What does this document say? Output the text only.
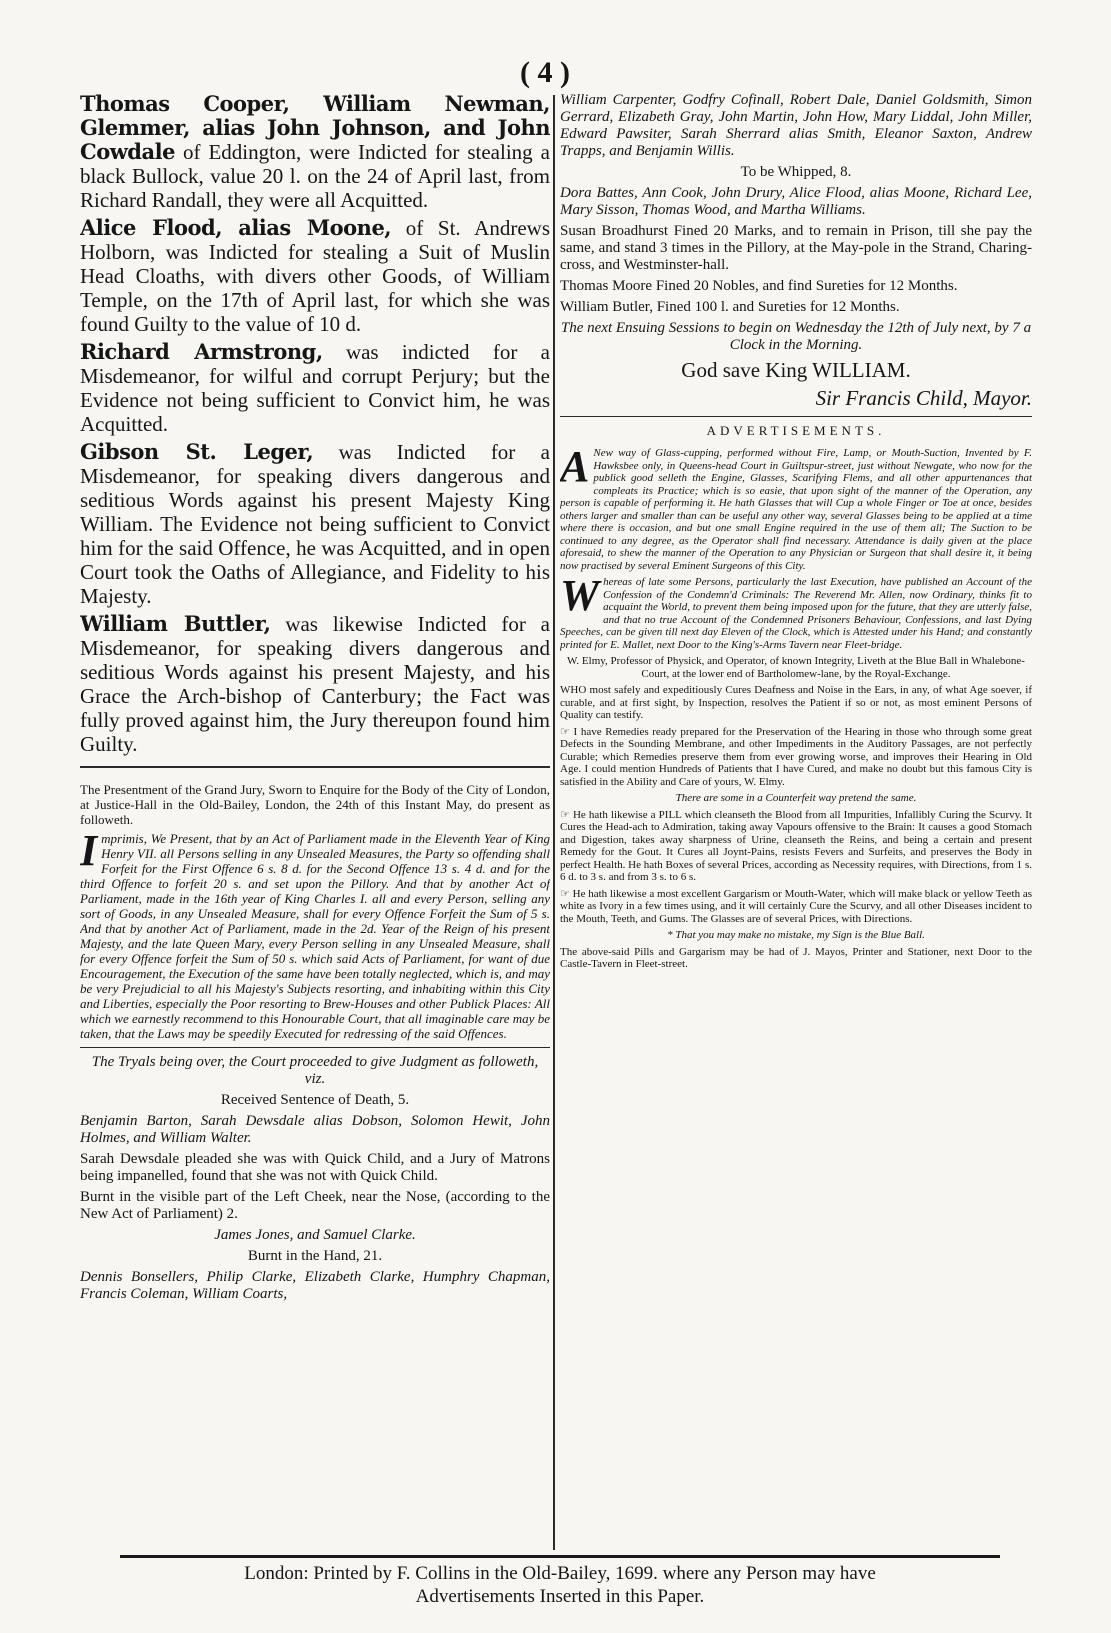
( 4 )

Thomas Cooper, William Newman, Glemmer, alias John Johnson, and John Cowdale of Eddington, were Indicted for stealing a black Bullock, value 20 l. on the 24 of April last, from Richard Randall, they were all Acquitted.

Alice Flood, alias Moone, of St. Andrews Holborn, was Indicted for stealing a Suit of Muslin Head Cloaths, with divers other Goods, of William Temple, on the 17th of April last, for which she was found Guilty to the value of 10 d.

Richard Armstrong, was indicted for a Misdemeanor, for wilful and corrupt Perjury; but the Evidence not being sufficient to Convict him, he was Acquitted.

Gibson St. Leger, was Indicted for a Misdemeanor, for speaking divers dangerous and seditious Words against his present Majesty King William. The Evidence not being sufficient to Convict him for the said Offence, he was Acquitted, and in open Court took the Oaths of Allegiance, and Fidelity to his Majesty.

William Buttler, was likewise Indicted for a Misdemeanor, for speaking divers dangerous and seditious Words against his present Majesty, and his Grace the Arch-bishop of Canterbury; the Fact was fully proved against him, the Jury thereupon found him Guilty.

The Presentment of the Grand Jury, Sworn to Enquire for the Body of the City of London, at Justice-Hall in the Old-Bailey, London, the 24th of this Instant May, do present as followeth.

Imprimis, We Present, that by an Act of Parliament made in the Eleventh Year of King Henry VII. all Persons selling in any Unsealed Measures, the Party so offending shall Forfeit for the First Offence 6 s. 8 d. for the Second Offence 13 s. 4 d. and for the third Offence to forfeit 20 s. and set upon the Pillory. And that by another Act of Parliament, made in the 16th year of King Charles I. all and every Person, selling any sort of Goods, in any Unsealed Measure, shall for every Offence Forfeit the Sum of 5 s. And that by another Act of Parliament, made in the 2d. Year of the Reign of his present Majesty, and the late Queen Mary, every Person selling in any Unsealed Measure, shall for every Offence forfeit the Sum of 50 s. which said Acts of Parliament, for want of due Encouragement, the Execution of the same have been totally neglected, which is, and may be very Prejudicial to all his Majesty's Subjects resorting, and inhabiting within this City and Liberties, especially the Poor resorting to Brew-Houses and other Publick Places: All which we earnestly recommend to this Honourable Court, that all imaginable care may be taken, that the Laws may be speedily Executed for redressing of the said Offences.

The Tryals being over, the Court proceeded to give Judgment as followeth, viz.

Received Sentence of Death, 5.

Benjamin Barton, Sarah Dewsdale alias Dobson, Solomon Hewit, John Holmes, and William Walter.

Sarah Dewsdale pleaded she was with Quick Child, and a Jury of Matrons being impanelled, found that she was not with Quick Child.

Burnt in the visible part of the Left Cheek, near the Nose, (according to the New Act of Parliament) 2.

James Jones, and Samuel Clarke.

Burnt in the Hand, 21.

Dennis Bonsellers, Philip Clarke, Elizabeth Clarke, Humphry Chapman, Francis Coleman, William Coarts,

William Carpenter, Godfry Cofinall, Robert Dale, Daniel Goldsmith, Simon Gerrard, Elizabeth Gray, John Martin, John How, Mary Liddal, John Miller, Edward Pawsiter, Sarah Sherrard alias Smith, Eleanor Saxton, Andrew Trapps, and Benjamin Willis.

To be Whipped, 8.

Dora Battes, Ann Cook, John Drury, Alice Flood, alias Moone, Richard Lee, Mary Sisson, Thomas Wood, and Martha Williams.

Susan Broadhurst Fined 20 Marks, and to remain in Prison, till she pay the same, and stand 3 times in the Pillory, at the May-pole in the Strand, Charing-cross, and Westminster-hall.

Thomas Moore Fined 20 Nobles, and find Sureties for 12 Months.

William Butler, Fined 100 l. and Sureties for 12 Months.

The next Ensuing Sessions to begin on Wednesday the 12th of July next, by 7 a Clock in the Morning.

God save King WILLIAM.

Sir Francis Child, Mayor.

ADVERTISEMENTS.

ANew way of Glass-cupping, performed without Fire, Lamp, or Mouth-Suction, Invented by F. Hawksbee only, in Queens-head Court in Guiltspur-street, just without Newgate, who now for the publick good selleth the Engine, Glasses, Scarifying Flems, and all other appurtenances that compleats its Practice; which is so easie, that upon sight of the manner of the Operation, any person is capable of performing it. He hath Glasses that will Cup a whole Finger or Toe at once, besides others larger and smaller than can be useful any other way, several Glasses being to be applied at a time where there is occasion, and but one small Engine required in the use of them all; The Suction to be continued to any degree, as the Operator shall find necessary. Attendance is daily given at the place aforesaid, to shew the manner of the Operation to any Physician or Surgeon that shall desire it, it being now practised by several Eminent Surgeons of this City.

Whereas of late some Persons, particularly the last Execution, have published an Account of the Confession of the Condemn'd Criminals: The Reverend Mr. Allen, now Ordinary, thinks fit to acquaint the World, to prevent them being imposed upon for the future, that they are utterly false, and that no true Account of the Condemned Prisoners Behaviour, Confessions, and last Dying Speeches, can be given till next day Eleven of the Clock, which is Attested under his Hand; and constantly printed for E. Mallet, next Door to the King's-Arms Tavern near Fleet-bridge.

W. Elmy, Professor of Physick, and Operator, of known Integrity, Liveth at the Blue Ball in Whalebone-Court, at the lower end of Bartholomew-lane, by the Royal-Exchange.

WHO most safely and expeditiously Cures Deafness and Noise in the Ears, in any, of what Age soever, if curable, and at first sight, by Inspection, resolves the Patient if so or not, as most eminent Persons of Quality can testify.

☞ I have Remedies ready prepared for the Preservation of the Hearing in those who through some great Defects in the Sounding Membrane, and other Impediments in the Auditory Passages, are not perfectly Curable; which Remedies preserve them from ever growing worse, and improves their Hearing in Old Age. I could mention Hundreds of Patients that I have Cured, and make no doubt but this famous City is satisfied in the Ability and Care of yours, W. Elmy.

There are some in a Counterfeit way pretend the same.

☞ He hath likewise a PILL which cleanseth the Blood from all Impurities, Infallibly Curing the Scurvy. It Cures the Head-ach to Admiration, taking away Vapours offensive to the Brain: It causes a good Stomach and Digestion, takes away sharpness of Urine, cleanseth the Reins, and being a certain and present Remedy for the Gout. It Cures all Joynt-Pains, resists Fevers and Surfeits, and preserves the Body in perfect Health. He hath Boxes of several Prices, according as Necessity requires, with Directions, from 1 s. 6 d. to 3 s. and from 3 s. to 6 s.

☞ He hath likewise a most excellent Gargarism or Mouth-Water, which will make black or yellow Teeth as white as Ivory in a few times using, and it will certainly Cure the Scurvy, and all other Diseases incident to the Mouth, Teeth, and Gums. The Glasses are of several Prices, with Directions.

* That you may make no mistake, my Sign is the Blue Ball.

The above-said Pills and Gargarism may be had of J. Mayos, Printer and Stationer, next Door to the Castle-Tavern in Fleet-street.

London: Printed by F. Collins in the Old-Bailey, 1699. where any Person may have
Advertisements Inserted in this Paper.
